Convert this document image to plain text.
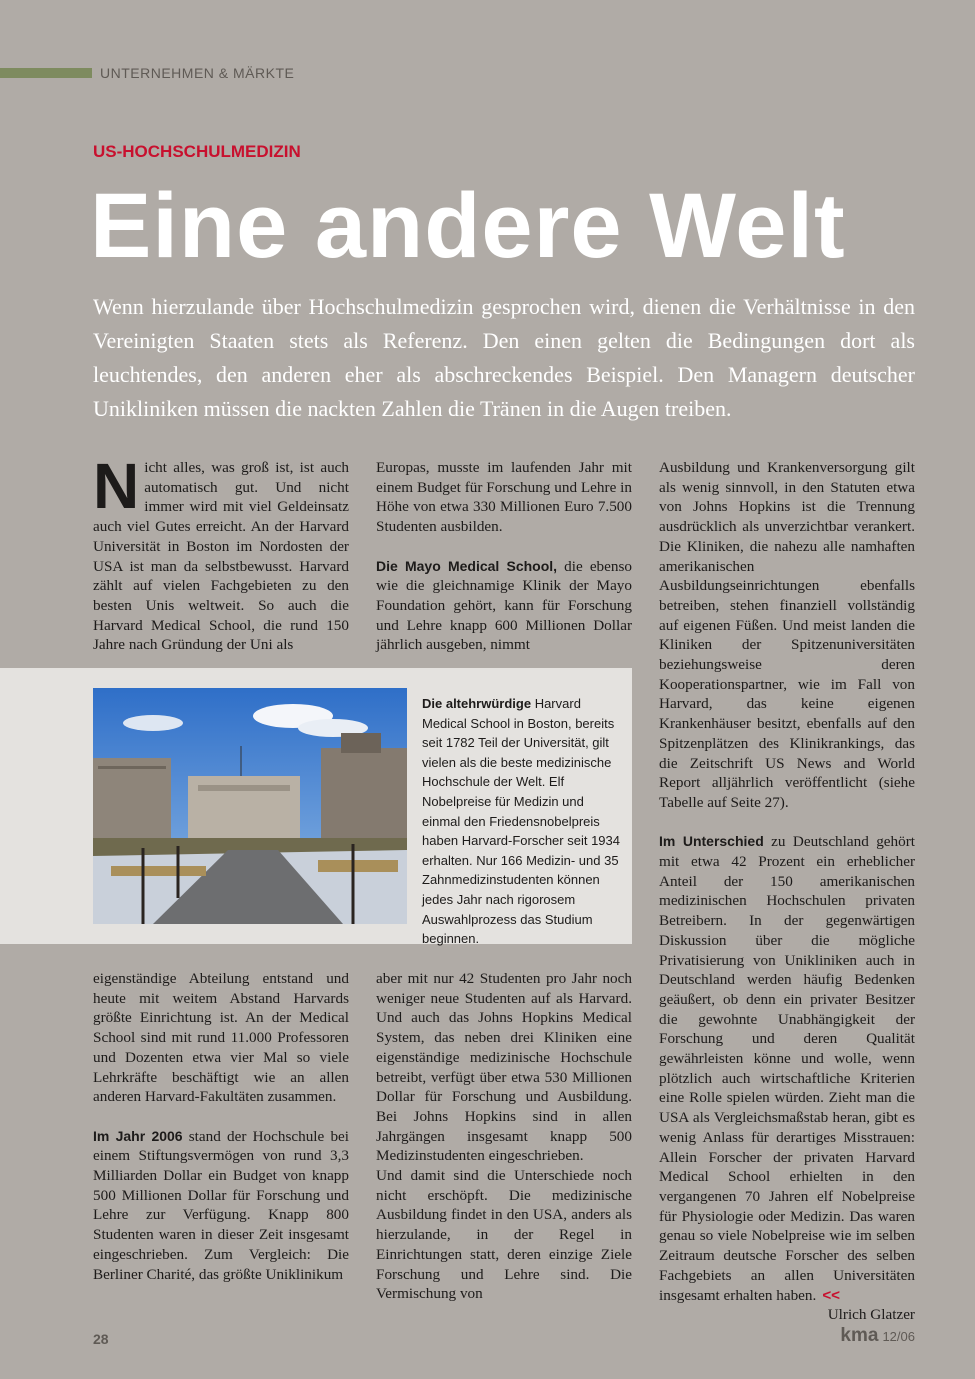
UNTERNEHMEN & MÄRKTE
US-HOCHSCHULMEDIZIN
Eine andere Welt
Wenn hierzulande über Hochschulmedizin gesprochen wird, dienen die Verhältnisse in den Vereinigten Staaten stets als Referenz. Den einen gelten die Bedingungen dort als leuchtendes, den anderen eher als abschreckendes Beispiel. Den Managern deutscher Unikliniken müssen die nackten Zahlen die Tränen in die Augen treiben.

Nicht alles, was groß ist, ist auch automatisch gut. Und nicht immer wird mit viel Geldeinsatz auch viel Gutes erreicht. An der Harvard Universität in Boston im Nordosten der USA ist man da selbstbewusst. Harvard zählt auf vielen Fachgebieten zu den besten Unis weltweit. So auch die Harvard Medical School, die rund 150 Jahre nach Gründung der Uni als

Europas, musste im laufenden Jahr mit einem Budget für Forschung und Lehre in Höhe von etwa 330 Millionen Euro 7.500 Studenten ausbilden.

Die Mayo Medical School, die ebenso wie die gleichnamige Klinik der Mayo Foundation gehört, kann für Forschung und Lehre knapp 600 Millionen Dollar jährlich ausgeben, nimmt

Die altehrwürdige Harvard Medical School in Boston, bereits seit 1782 Teil der Universität, gilt vielen als die beste medizinische Hochschule der Welt. Elf Nobelpreise für Medizin und einmal den Friedensnobelpreis haben Harvard-Forscher seit 1934 erhalten. Nur 166 Medizin- und 35 Zahnmedizinstudenten können jedes Jahr nach rigorosem Auswahlprozess das Studium beginnen.

eigenständige Abteilung entstand und heute mit weitem Abstand Harvards größte Einrichtung ist. An der Medical School sind mit rund 11.000 Professoren und Dozenten etwa vier Mal so viele Lehrkräfte beschäftigt wie an allen anderen Harvard-Fakultäten zusammen.

Im Jahr 2006 stand der Hochschule bei einem Stiftungsvermögen von rund 3,3 Milliarden Dollar ein Budget von knapp 500 Millionen Dollar für Forschung und Lehre zur Verfügung. Knapp 800 Studenten waren in dieser Zeit insgesamt eingeschrieben. Zum Vergleich: Die Berliner Charité, das größte Uniklinikum

aber mit nur 42 Studenten pro Jahr noch weniger neue Studenten auf als Harvard. Und auch das Johns Hopkins Medical System, das neben drei Kliniken eine eigenständige medizinische Hochschule betreibt, verfügt über etwa 530 Millionen Dollar für Forschung und Ausbildung. Bei Johns Hopkins sind in allen Jahrgängen insgesamt knapp 500 Medizinstudenten eingeschrieben.

Und damit sind die Unterschiede noch nicht erschöpft. Die medizinische Ausbildung findet in den USA, anders als hierzulande, in der Regel in Einrichtungen statt, deren einzige Ziele Forschung und Lehre sind. Die Vermischung von

Ausbildung und Krankenversorgung gilt als wenig sinnvoll, in den Statuten etwa von Johns Hopkins ist die Trennung ausdrücklich als unverzichtbar verankert. Die Kliniken, die nahezu alle namhaften amerikanischen Ausbildungseinrichtungen ebenfalls betreiben, stehen finanziell vollständig auf eigenen Füßen. Und meist landen die Kliniken der Spitzenuniversitäten beziehungsweise deren Kooperationspartner, wie im Fall von Harvard, das keine eigenen Krankenhäuser besitzt, ebenfalls auf den Spitzenplätzen des Klinikrankings, das die Zeitschrift US News and World Report alljährlich veröffentlicht (siehe Tabelle auf Seite 27).

Im Unterschied zu Deutschland gehört mit etwa 42 Prozent ein erheblicher Anteil der 150 amerikanischen medizinischen Hochschulen privaten Betreibern. In der gegenwärtigen Diskussion über die mögliche Privatisierung von Unikliniken auch in Deutschland werden häufig Bedenken geäußert, ob denn ein privater Besitzer die gewohnte Unabhängigkeit der Forschung und deren Qualität gewährleisten könne und wolle, wenn plötzlich auch wirtschaftliche Kriterien eine Rolle spielen würden. Zieht man die USA als Vergleichsmaßstab heran, gibt es wenig Anlass für derartiges Misstrauen: Allein Forscher der privaten Harvard Medical School erhielten in den vergangenen 70 Jahren elf Nobelpreise für Physiologie oder Medizin. Das waren genau so viele Nobelpreise wie im selben Zeitraum deutsche Forscher des selben Fachgebiets an allen Universitäten insgesamt erhalten haben. <<

Ulrich Glatzer

28	kma 12/06
